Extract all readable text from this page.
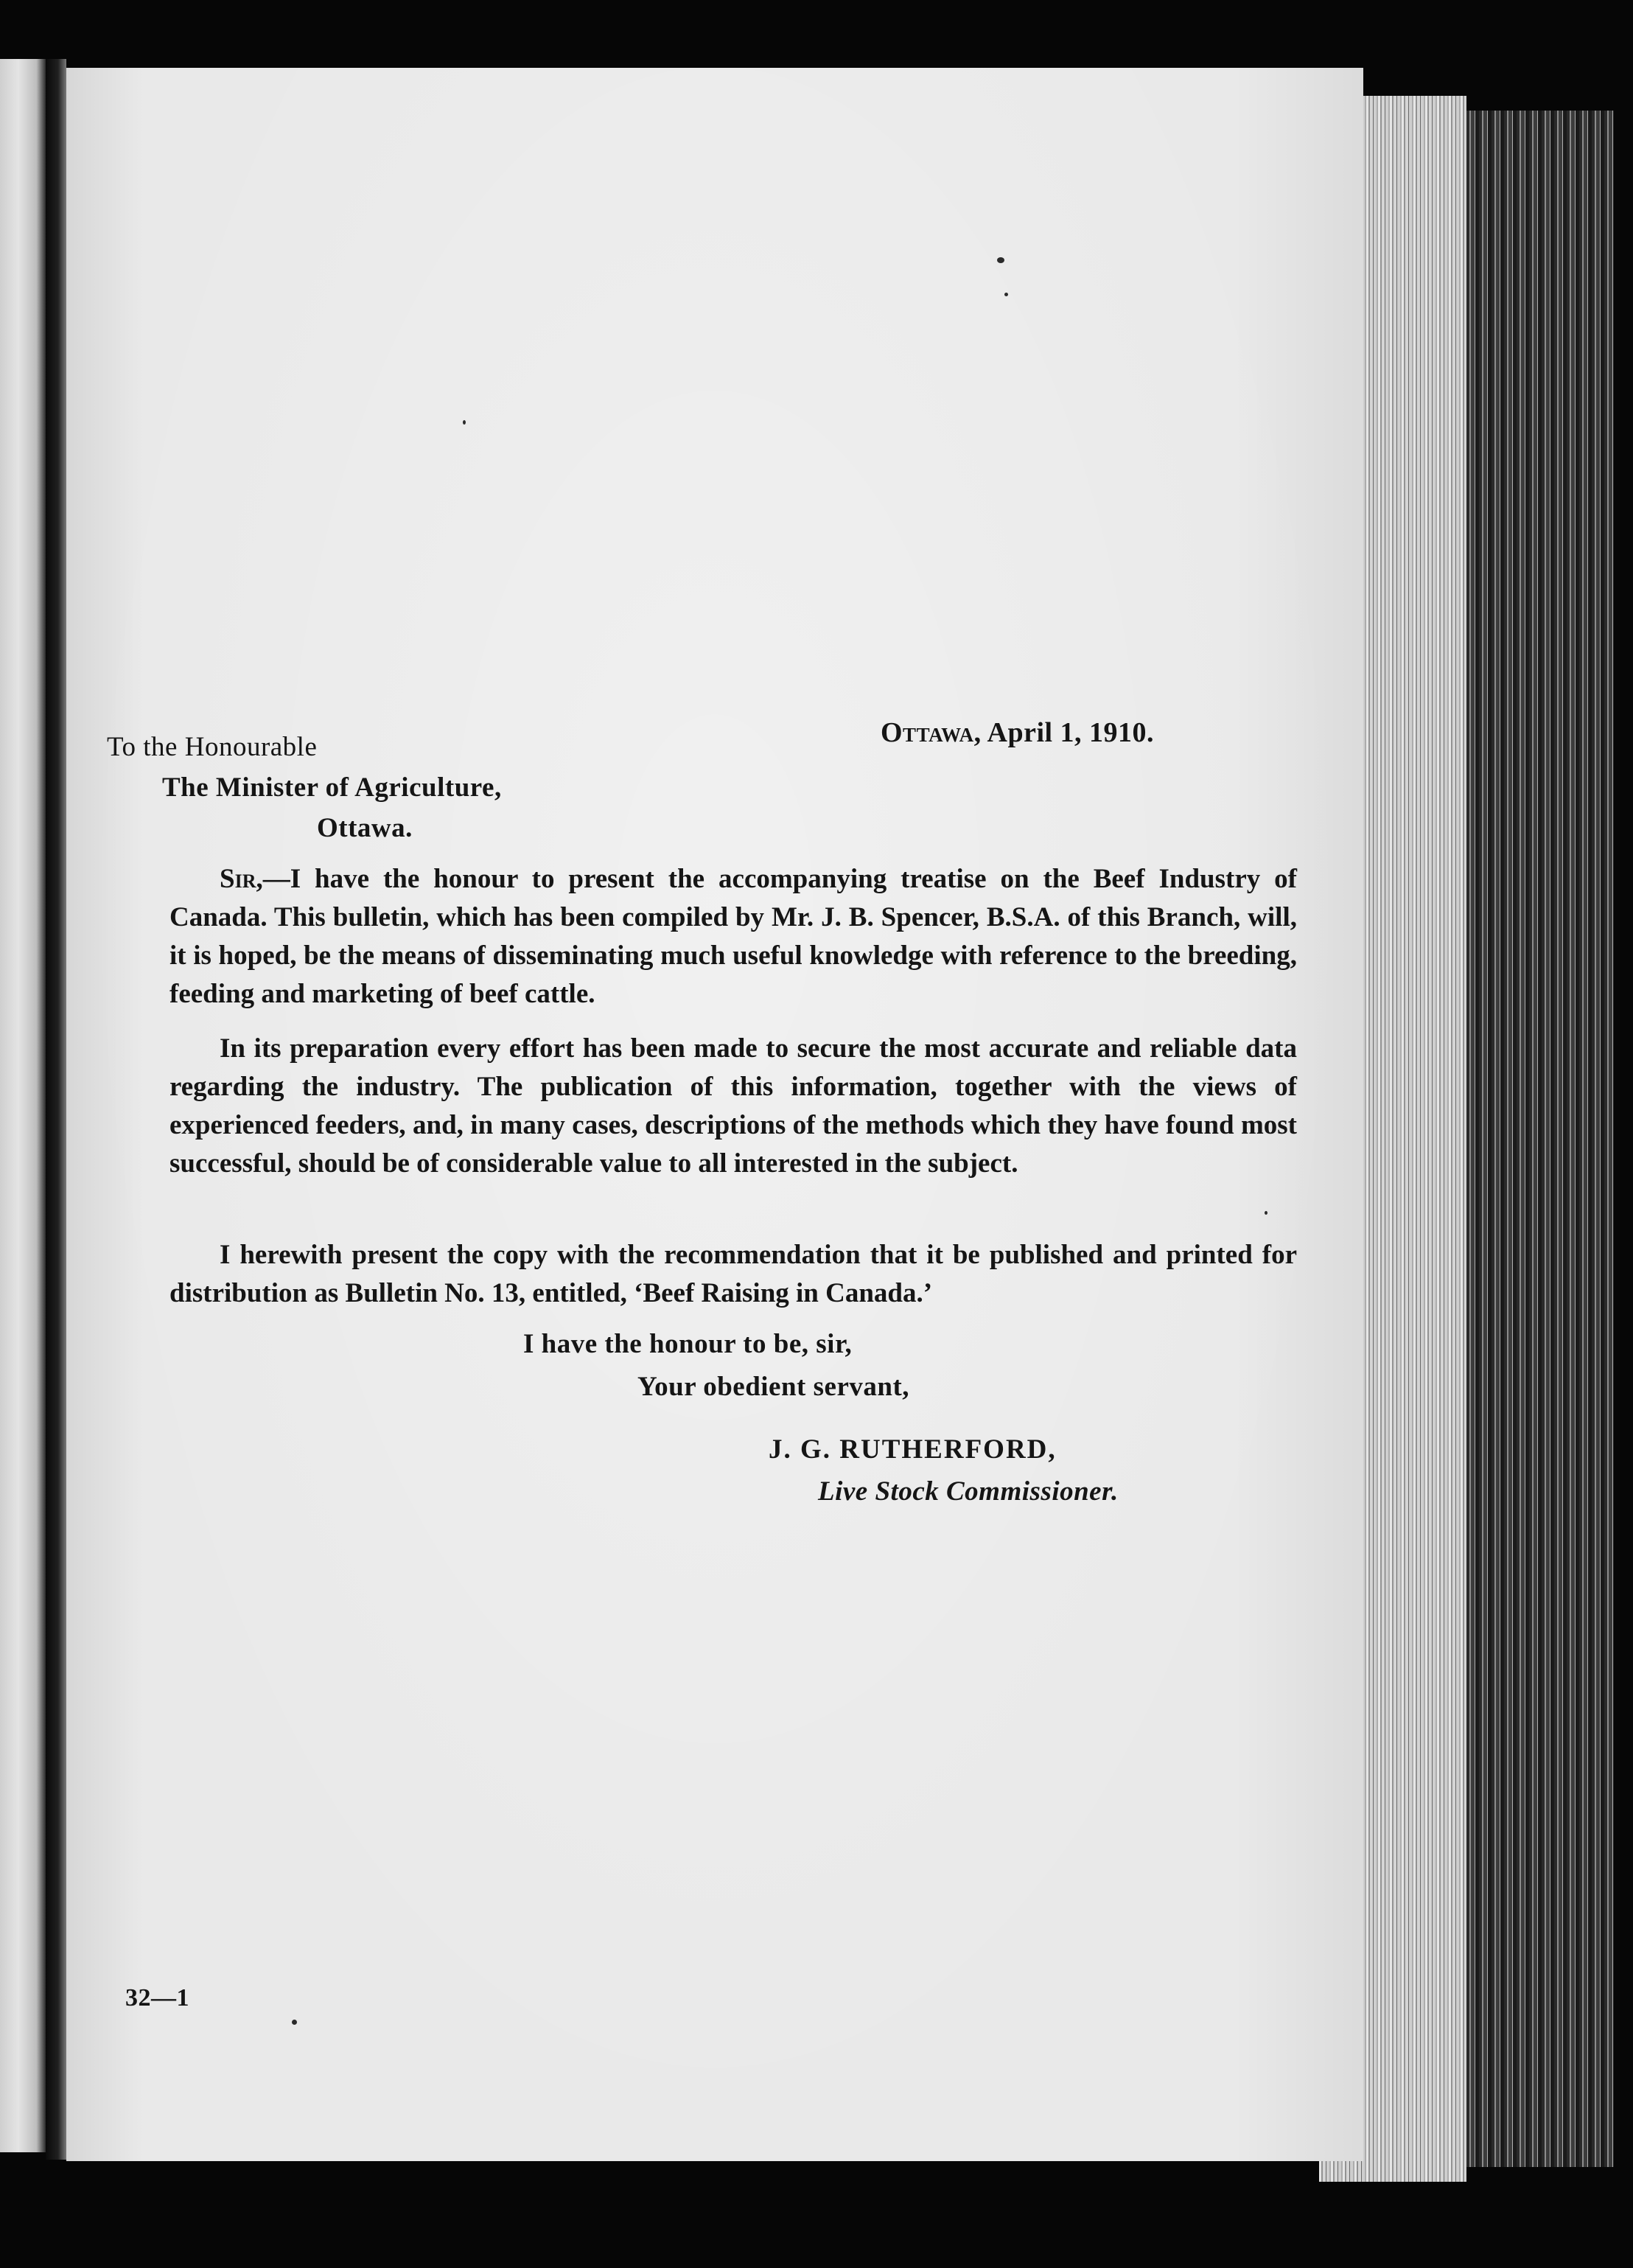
Ottawa, April 1, 1910.
To the Honourable
The Minister of Agriculture,
Ottawa.
Sir,—I have the honour to present the accompanying treatise on the Beef Industry of Canada. This bulletin, which has been compiled by Mr. J. B. Spencer, B.S.A. of this Branch, will, it is hoped, be the means of disseminating much useful knowledge with reference to the breeding, feeding and marketing of beef cattle.
In its preparation every effort has been made to secure the most accurate and reliable data regarding the industry. The publication of this information, together with the views of experienced feeders, and, in many cases, descriptions of the methods which they have found most successful, should be of considerable value to all interested in the subject.
I herewith present the copy with the recommendation that it be published and printed for distribution as Bulletin No. 13, entitled, ‘Beef Raising in Canada.’
I have the honour to be, sir,
Your obedient servant,
J. G. RUTHERFORD,
Live Stock Commissioner.
32—1
